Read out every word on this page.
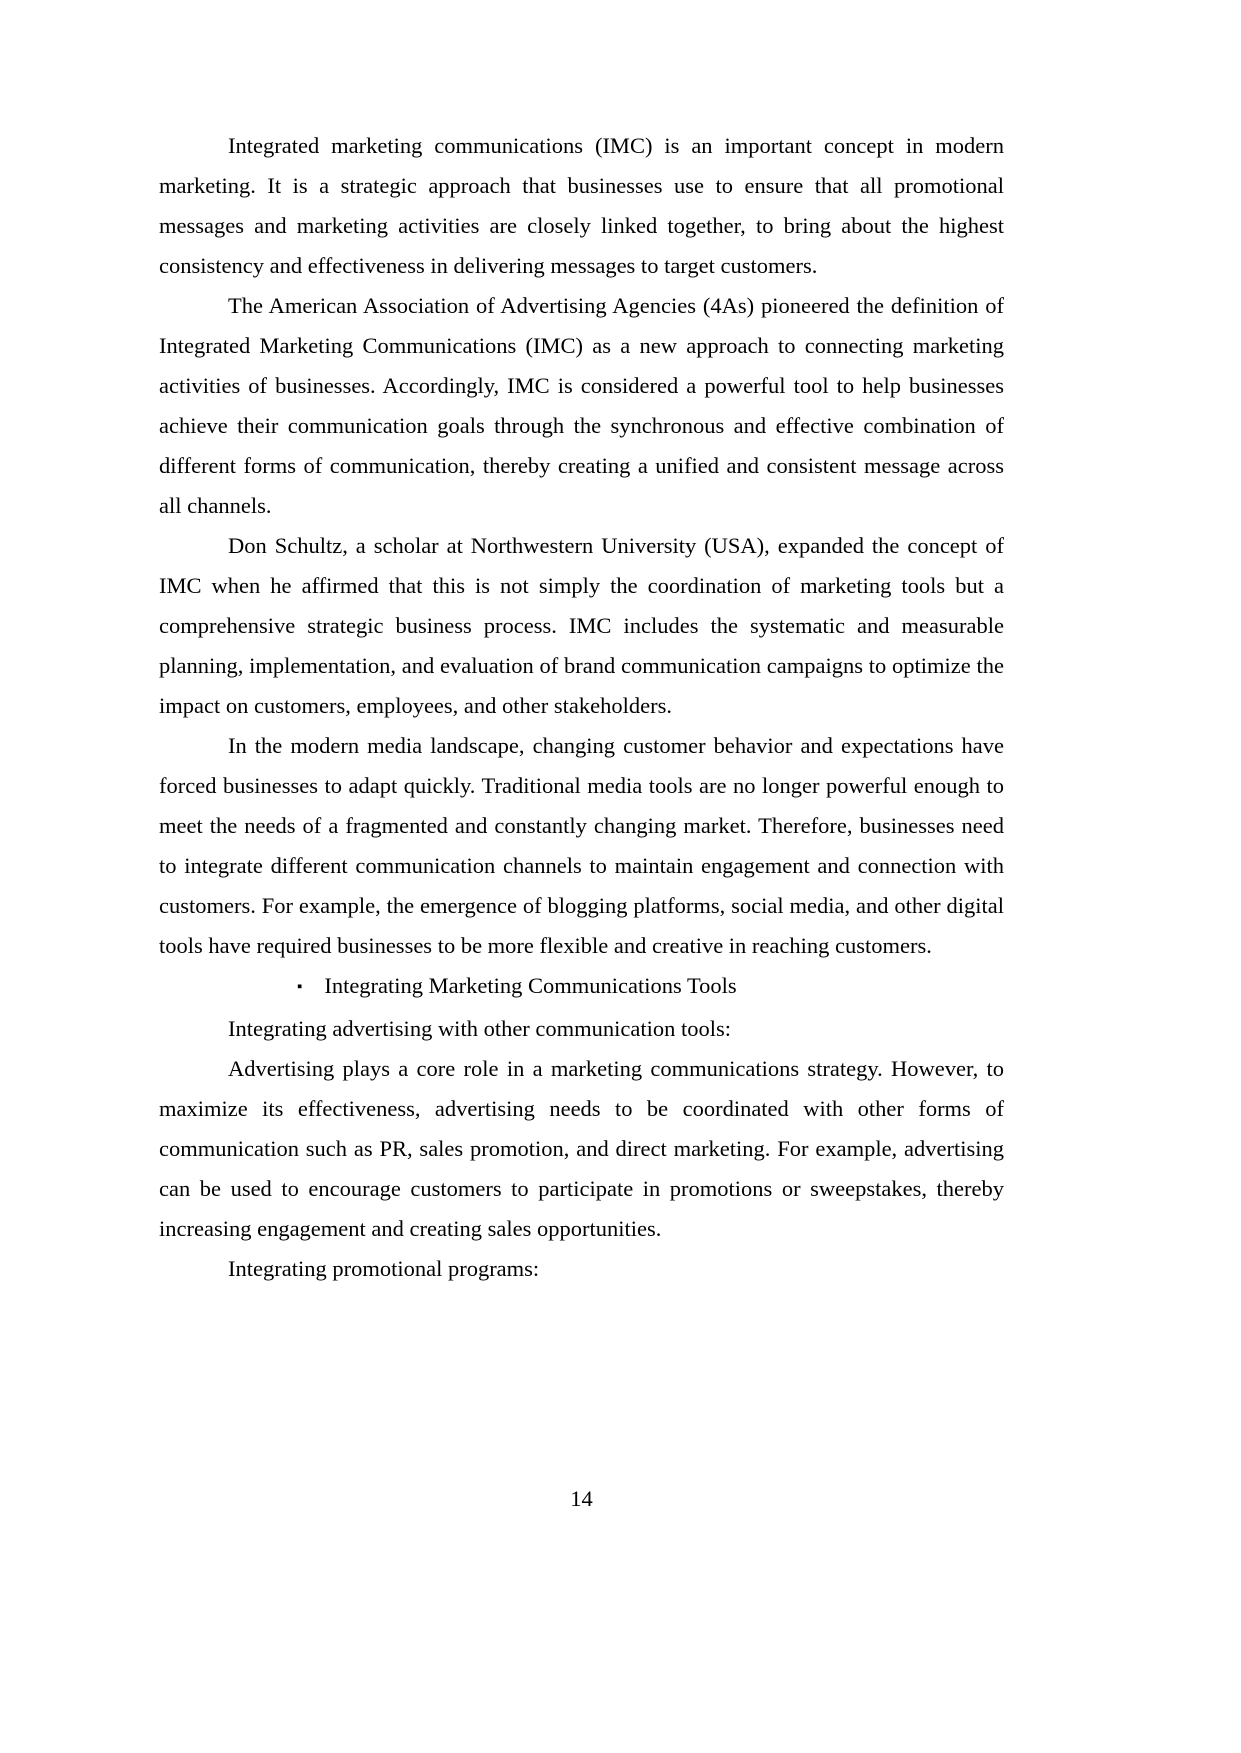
Integrated marketing communications (IMC) is an important concept in modern marketing. It is a strategic approach that businesses use to ensure that all promotional messages and marketing activities are closely linked together, to bring about the highest consistency and effectiveness in delivering messages to target customers.

The American Association of Advertising Agencies (4As) pioneered the definition of Integrated Marketing Communications (IMC) as a new approach to connecting marketing activities of businesses. Accordingly, IMC is considered a powerful tool to help businesses achieve their communication goals through the synchronous and effective combination of different forms of communication, thereby creating a unified and consistent message across all channels.

Don Schultz, a scholar at Northwestern University (USA), expanded the concept of IMC when he affirmed that this is not simply the coordination of marketing tools but a comprehensive strategic business process. IMC includes the systematic and measurable planning, implementation, and evaluation of brand communication campaigns to optimize the impact on customers, employees, and other stakeholders.

In the modern media landscape, changing customer behavior and expectations have forced businesses to adapt quickly. Traditional media tools are no longer powerful enough to meet the needs of a fragmented and constantly changing market. Therefore, businesses need to integrate different communication channels to maintain engagement and connection with customers. For example, the emergence of blogging platforms, social media, and other digital tools have required businesses to be more flexible and creative in reaching customers.

▪ Integrating Marketing Communications Tools

Integrating advertising with other communication tools:

Advertising plays a core role in a marketing communications strategy. However, to maximize its effectiveness, advertising needs to be coordinated with other forms of communication such as PR, sales promotion, and direct marketing. For example, advertising can be used to encourage customers to participate in promotions or sweepstakes, thereby increasing engagement and creating sales opportunities.

Integrating promotional programs:

14
